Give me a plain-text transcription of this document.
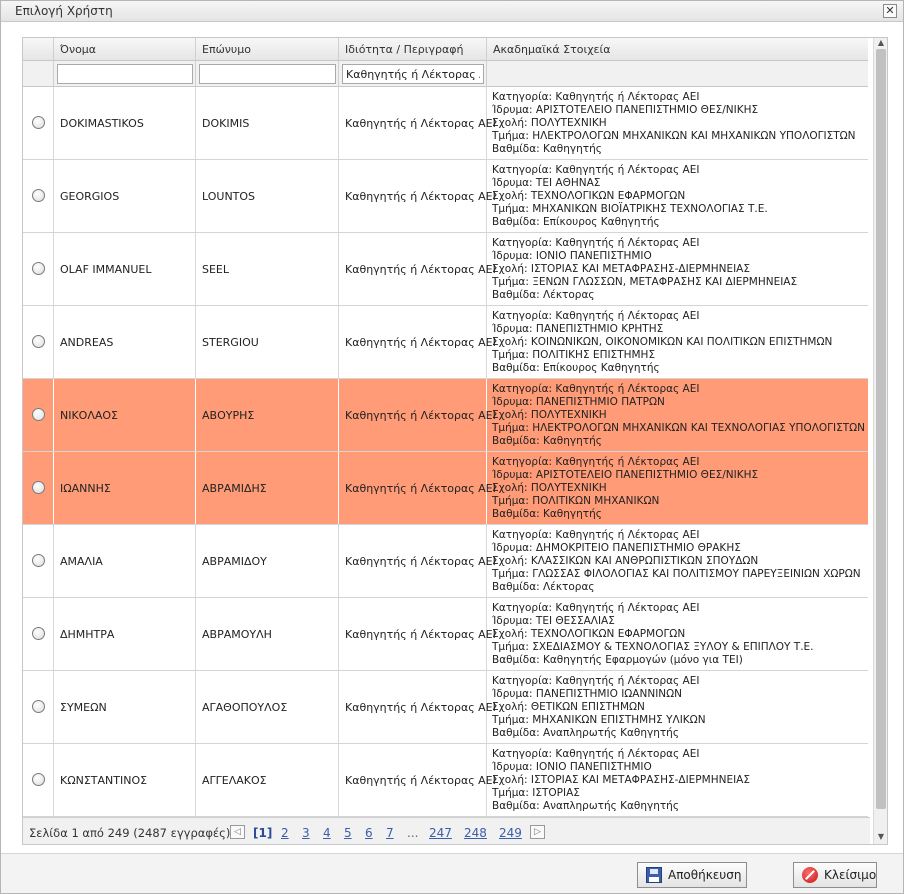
Επιλογή Χρήστη	✕
Όνομα	Επώνυμο	Ιδιότητα / Περιγραφή	Ακαδημαϊκά Στοιχεία
Καθηγητής ή Λέκτορας Α
DOKIMASTIKOS	DOKIMIS	Καθηγητής ή Λέκτορας ΑΕΙ
Κατηγορία: Καθηγητής ή Λέκτορας ΑΕΙ
Ίδρυμα: ΑΡΙΣΤΟΤΕΛΕΙΟ ΠΑΝΕΠΙΣΤΗΜΙΟ ΘΕΣ/ΝΙΚΗΣ
Σχολή: ΠΟΛΥΤΕΧΝΙΚΗ
Τμήμα: ΗΛΕΚΤΡΟΛΟΓΩΝ ΜΗΧΑΝΙΚΩΝ ΚΑΙ ΜΗΧΑΝΙΚΩΝ ΥΠΟΛΟΓΙΣΤΩΝ
Βαθμίδα: Καθηγητής
GEORGIOS	LOUNTOS	Καθηγητής ή Λέκτορας ΑΕΙ
Κατηγορία: Καθηγητής ή Λέκτορας ΑΕΙ
Ίδρυμα: ΤΕΙ ΑΘΗΝΑΣ
Σχολή: ΤΕΧΝΟΛΟΓΙΚΩΝ ΕΦΑΡΜΟΓΩΝ
Τμήμα: ΜΗΧΑΝΙΚΩΝ ΒΙΟΪΑΤΡΙΚΗΣ ΤΕΧΝΟΛΟΓΙΑΣ Τ.Ε.
Βαθμίδα: Επίκουρος Καθηγητής
OLAF IMMANUEL	SEEL	Καθηγητής ή Λέκτορας ΑΕΙ
Κατηγορία: Καθηγητής ή Λέκτορας ΑΕΙ
Ίδρυμα: ΙΟΝΙΟ ΠΑΝΕΠΙΣΤΗΜΙΟ
Σχολή: ΙΣΤΟΡΙΑΣ ΚΑΙ ΜΕΤΑΦΡΑΣΗΣ-ΔΙΕΡΜΗΝΕΙΑΣ
Τμήμα: ΞΕΝΩΝ ΓΛΩΣΣΩΝ, ΜΕΤΑΦΡΑΣΗΣ ΚΑΙ ΔΙΕΡΜΗΝΕΙΑΣ
Βαθμίδα: Λέκτορας
ANDREAS	STERGIOU	Καθηγητής ή Λέκτορας ΑΕΙ
Κατηγορία: Καθηγητής ή Λέκτορας ΑΕΙ
Ίδρυμα: ΠΑΝΕΠΙΣΤΗΜΙΟ ΚΡΗΤΗΣ
Σχολή: ΚΟΙΝΩΝΙΚΩΝ, ΟΙΚΟΝΟΜΙΚΩΝ ΚΑΙ ΠΟΛΙΤΙΚΩΝ ΕΠΙΣΤΗΜΩΝ
Τμήμα: ΠΟΛΙΤΙΚΗΣ ΕΠΙΣΤΗΜΗΣ
Βαθμίδα: Επίκουρος Καθηγητής
ΝΙΚΟΛΑΟΣ	ΑΒΟΥΡΗΣ	Καθηγητής ή Λέκτορας ΑΕΙ
Κατηγορία: Καθηγητής ή Λέκτορας ΑΕΙ
Ίδρυμα: ΠΑΝΕΠΙΣΤΗΜΙΟ ΠΑΤΡΩΝ
Σχολή: ΠΟΛΥΤΕΧΝΙΚΗ
Τμήμα: ΗΛΕΚΤΡΟΛΟΓΩΝ ΜΗΧΑΝΙΚΩΝ ΚΑΙ ΤΕΧΝΟΛΟΓΙΑΣ ΥΠΟΛΟΓΙΣΤΩΝ
Βαθμίδα: Καθηγητής
ΙΩΑΝΝΗΣ	ΑΒΡΑΜΙΔΗΣ	Καθηγητής ή Λέκτορας ΑΕΙ
Κατηγορία: Καθηγητής ή Λέκτορας ΑΕΙ
Ίδρυμα: ΑΡΙΣΤΟΤΕΛΕΙΟ ΠΑΝΕΠΙΣΤΗΜΙΟ ΘΕΣ/ΝΙΚΗΣ
Σχολή: ΠΟΛΥΤΕΧΝΙΚΗ
Τμήμα: ΠΟΛΙΤΙΚΩΝ ΜΗΧΑΝΙΚΩΝ
Βαθμίδα: Καθηγητής
ΑΜΑΛΙΑ	ΑΒΡΑΜΙΔΟΥ	Καθηγητής ή Λέκτορας ΑΕΙ
Κατηγορία: Καθηγητής ή Λέκτορας ΑΕΙ
Ίδρυμα: ΔΗΜΟΚΡΙΤΕΙΟ ΠΑΝΕΠΙΣΤΗΜΙΟ ΘΡΑΚΗΣ
Σχολή: ΚΛΑΣΣΙΚΩΝ ΚΑΙ ΑΝΘΡΩΠΙΣΤΙΚΩΝ ΣΠΟΥΔΩΝ
Τμήμα: ΓΛΩΣΣΑΣ ΦΙΛΟΛΟΓΙΑΣ ΚΑΙ ΠΟΛΙΤΙΣΜΟΥ ΠΑΡΕΥΞΕΙΝΙΩΝ ΧΩΡΩΝ
Βαθμίδα: Λέκτορας
ΔΗΜΗΤΡΑ	ΑΒΡΑΜΟΥΛΗ	Καθηγητής ή Λέκτορας ΑΕΙ
Κατηγορία: Καθηγητής ή Λέκτορας ΑΕΙ
Ίδρυμα: ΤΕΙ ΘΕΣΣΑΛΙΑΣ
Σχολή: ΤΕΧΝΟΛΟΓΙΚΩΝ ΕΦΑΡΜΟΓΩΝ
Τμήμα: ΣΧΕΔΙΑΣΜΟΥ & ΤΕΧΝΟΛΟΓΙΑΣ ΞΥΛΟΥ & ΕΠΙΠΛΟΥ Τ.Ε.
Βαθμίδα: Καθηγητής Εφαρμογών (μόνο για ΤΕΙ)
ΣΥΜΕΩΝ	ΑΓΑΘΟΠΟΥΛΟΣ	Καθηγητής ή Λέκτορας ΑΕΙ
Κατηγορία: Καθηγητής ή Λέκτορας ΑΕΙ
Ίδρυμα: ΠΑΝΕΠΙΣΤΗΜΙΟ ΙΩΑΝΝΙΝΩΝ
Σχολή: ΘΕΤΙΚΩΝ ΕΠΙΣΤΗΜΩΝ
Τμήμα: ΜΗΧΑΝΙΚΩΝ ΕΠΙΣΤΗΜΗΣ ΥΛΙΚΩΝ
Βαθμίδα: Αναπληρωτής Καθηγητής
ΚΩΝΣΤΑΝΤΙΝΟΣ	ΑΓΓΕΛΑΚΟΣ	Καθηγητής ή Λέκτορας ΑΕΙ
Κατηγορία: Καθηγητής ή Λέκτορας ΑΕΙ
Ίδρυμα: ΙΟΝΙΟ ΠΑΝΕΠΙΣΤΗΜΙΟ
Σχολή: ΙΣΤΟΡΙΑΣ ΚΑΙ ΜΕΤΑΦΡΑΣΗΣ-ΔΙΕΡΜΗΝΕΙΑΣ
Τμήμα: ΙΣΤΟΡΙΑΣ
Βαθμίδα: Αναπληρωτής Καθηγητής
▲
▼
Σελίδα 1 από 249 (2487 εγγραφές) ◁	[1] 2 3 4 5 6 7 ... 247 248 249	▷
Αποθήκευση	Κλείσιμο
